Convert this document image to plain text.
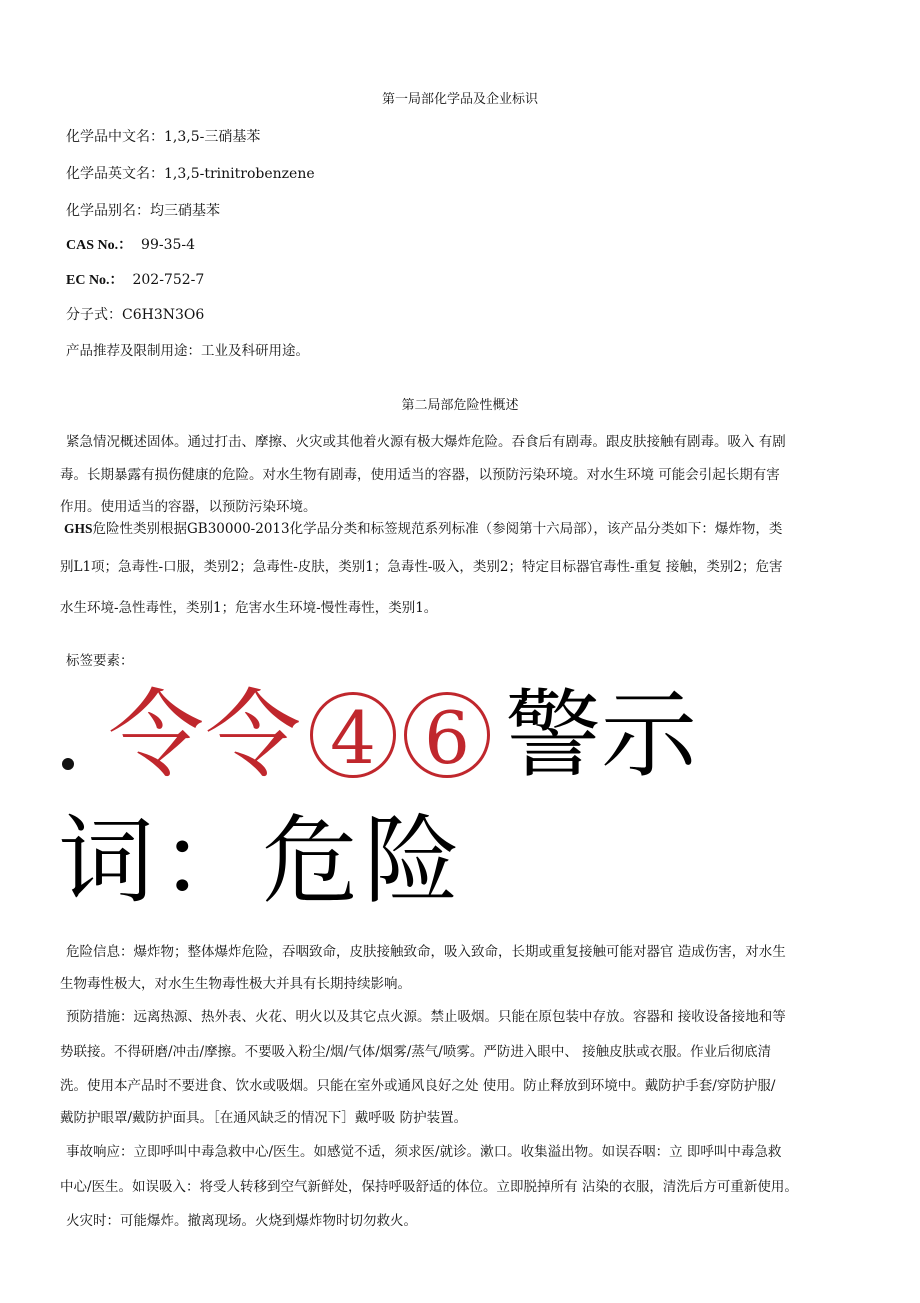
第一局部化学品及企业标识
化学品中文名：1,3,5-三硝基苯
化学品英文名：1,3,5-trinitrobenzene
化学品别名：均三硝基苯
CAS No.： 99-35-4
EC No.： 202-752-7
分子式：C6H3N3O6
产品推荐及限制用途：工业及科研用途。
第二局部危险性概述
紧急情况概述固体。通过打击、摩擦、火灾或其他着火源有极大爆炸危险。吞食后有剧毒。跟皮肤接触有剧毒。吸入 有剧
毒。长期暴露有损伤健康的危险。对水生物有剧毒，使用适当的容器，以预防污染环境。对水生环境 可能会引起长期有害
作用。使用适当的容器，以预防污染环境。
GHS危险性类别根据GB30000-2013化学品分类和标签规范系列标准（参阅第十六局部），该产品分类如下：爆炸物，类
别L1项；急毒性-口服，类别2；急毒性-皮肤，类别1；急毒性-吸入，类别2；特定目标器官毒性-重复 接触，类别2；危害
水生环境-急性毒性，类别1；危害水生环境-慢性毒性，类别1。
标签要素：
令 令 4 6 警示
词：危险
危险信息：爆炸物；整体爆炸危险，吞咽致命，皮肤接触致命，吸入致命，长期或重复接触可能对器官 造成伤害，对水生
生物毒性极大，对水生生物毒性极大并具有长期持续影响。
预防措施：远离热源、热外表、火花、明火以及其它点火源。禁止吸烟。只能在原包装中存放。容器和 接收设备接地和等
势联接。不得研磨/冲击/摩擦。不要吸入粉尘/烟/气体/烟雾/蒸气/喷雾。严防进入眼中、 接触皮肤或衣服。作业后彻底清
洗。使用本产品时不要进食、饮水或吸烟。只能在室外或通风良好之处 使用。防止释放到环境中。戴防护手套/穿防护服/
戴防护眼罩/戴防护面具。［在通风缺乏的情况下］戴呼吸 防护装置。
事故响应：立即呼叫中毒急救中心/医生。如感觉不适，须求医/就诊。漱口。收集溢出物。如误吞咽：立 即呼叫中毒急救
中心/医生。如误吸入：将受人转移到空气新鲜处，保持呼吸舒适的体位。立即脱掉所有 沾染的衣服，清洗后方可重新使用。
火灾时：可能爆炸。撤离现场。火烧到爆炸物时切勿救火。
